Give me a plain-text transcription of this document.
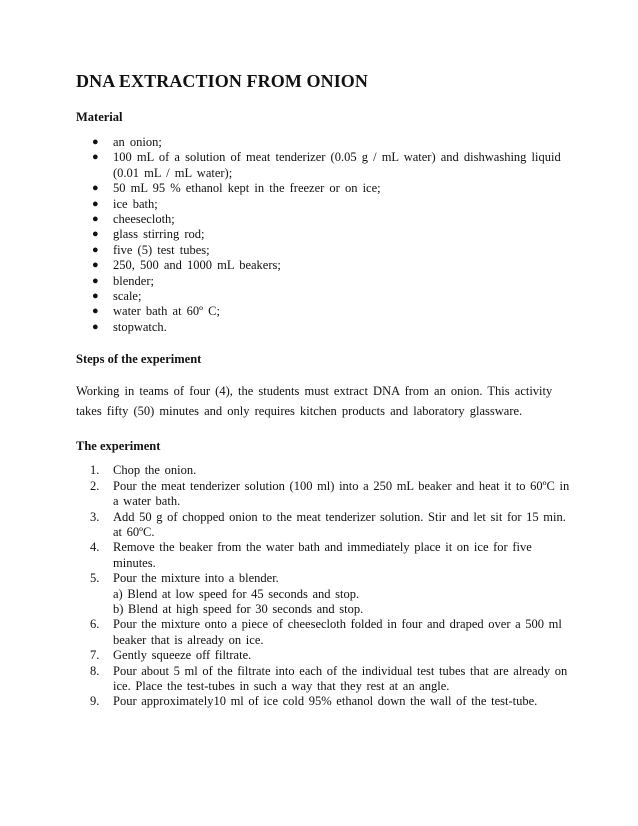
DNA EXTRACTION FROM ONION
Material
● an onion;
● 100 mL of a solution of meat tenderizer (0.05 g / mL water) and dishwashing liquid (0.01 mL / mL water);
● 50 mL 95 % ethanol kept in the freezer or on ice;
● ice bath;
● cheesecloth;
● glass stirring rod;
● five (5) test tubes;
● 250, 500 and 1000 mL beakers;
● blender;
● scale;
● water bath at 60º C;
● stopwatch.
Steps of the experiment

Working in teams of four (4), the students must extract DNA from an onion. This activity takes fifty (50) minutes and only requires kitchen products and laboratory glassware.

The experiment
1. Chop the onion.
2. Pour the meat tenderizer solution (100 ml) into a 250 mL beaker and heat it to 60ºC in a water bath.
3. Add 50 g of chopped onion to the meat tenderizer solution. Stir and let sit for 15 min. at 60ºC.
4. Remove the beaker from the water bath and immediately place it on ice for five minutes.
5. Pour the mixture into a blender.
a) Blend at low speed for 45 seconds and stop.
b) Blend at high speed for 30 seconds and stop.
6. Pour the mixture onto a piece of cheesecloth folded in four and draped over a 500 ml beaker that is already on ice.
7. Gently squeeze off filtrate.
8. Pour about 5 ml of the filtrate into each of the individual test tubes that are already on ice. Place the test-tubes in such a way that they rest at an angle.
9. Pour approximately10 ml of ice cold 95% ethanol down the wall of the test-tube.
